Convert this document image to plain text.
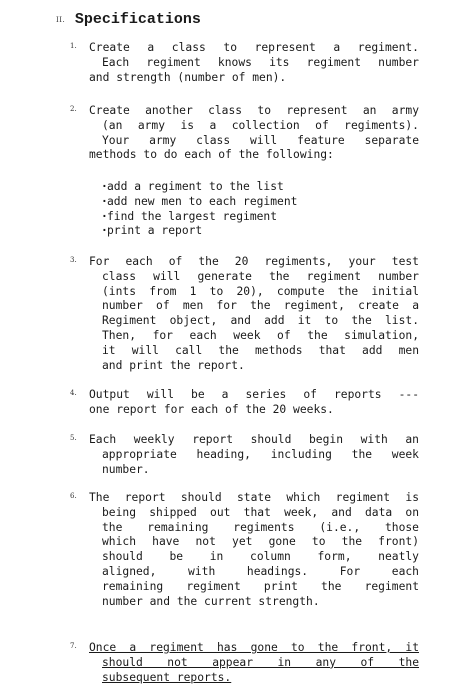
II. Specifications
1. Create a class to represent a regiment.
Each regiment knows its regiment number
and strength (number of men).
2. Create another class to represent an army
(an army is a collection of regiments).
Your army class will feature separate
methods to do each of the following:
·add a regiment to the list
·add new men to each regiment
·find the largest regiment
·print a report
3. For each of the 20 regiments, your test
class will generate the regiment number
(ints from 1 to 20), compute the initial
number of men for the regiment, create a
Regiment object, and add it to the list.
Then, for each week of the simulation,
it will call the methods that add men
and print the report.
4. Output will be a series of reports ---
one report for each of the 20 weeks.
5. Each weekly report should begin with an
appropriate heading, including the week
number.
6. The report should state which regiment is
being shipped out that week, and data on
the remaining regiments (i.e., those
which have not yet gone to the front)
should be in column form, neatly
aligned, with headings. For each
remaining regiment print the regiment
number and the current strength.
7. Once a regiment has gone to the front, it
should not appear in any of the
subsequent reports.
